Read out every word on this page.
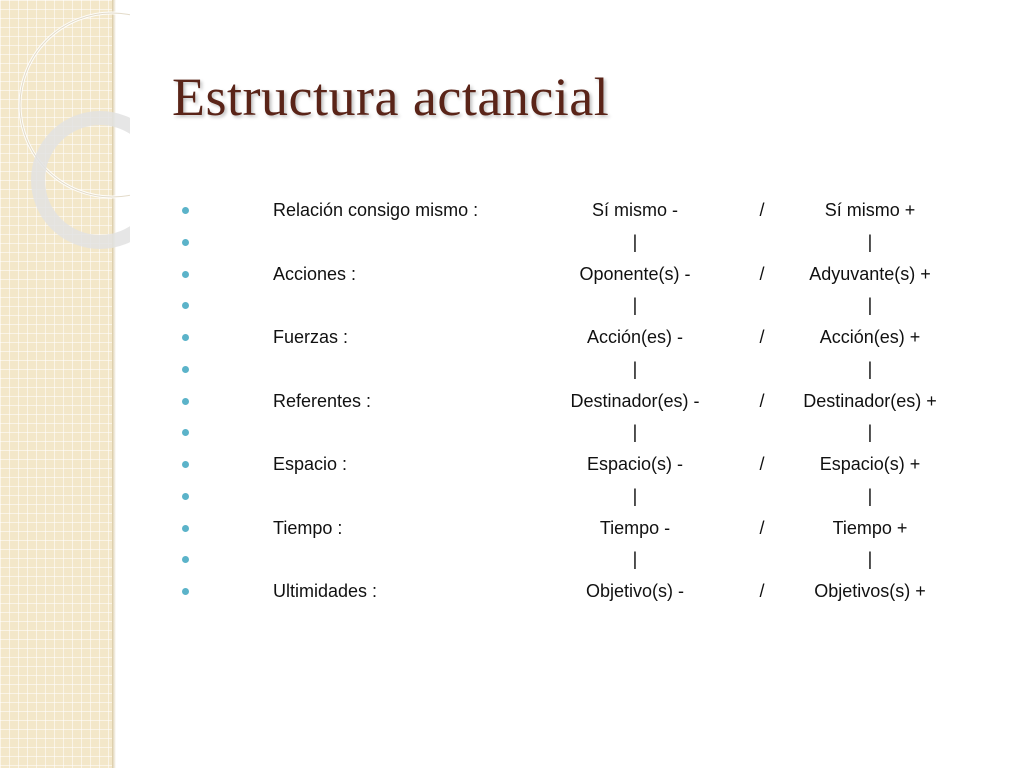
Estructura actancial
Relación consigo mismo :	Sí mismo -	/	Sí mismo +
|	|
Acciones :	Oponente(s) -	/	Adyuvante(s) +
|	|
Fuerzas :	Acción(es) -	/	Acción(es) +
|	|
Referentes :	Destinador(es) -	/	Destinador(es) +
|	|
Espacio :	Espacio(s) -	/	Espacio(s) +
|	|
Tiempo :	Tiempo -	/	Tiempo +
|	|
Ultimidades :	Objetivo(s) -	/	Objetivos(s) +
